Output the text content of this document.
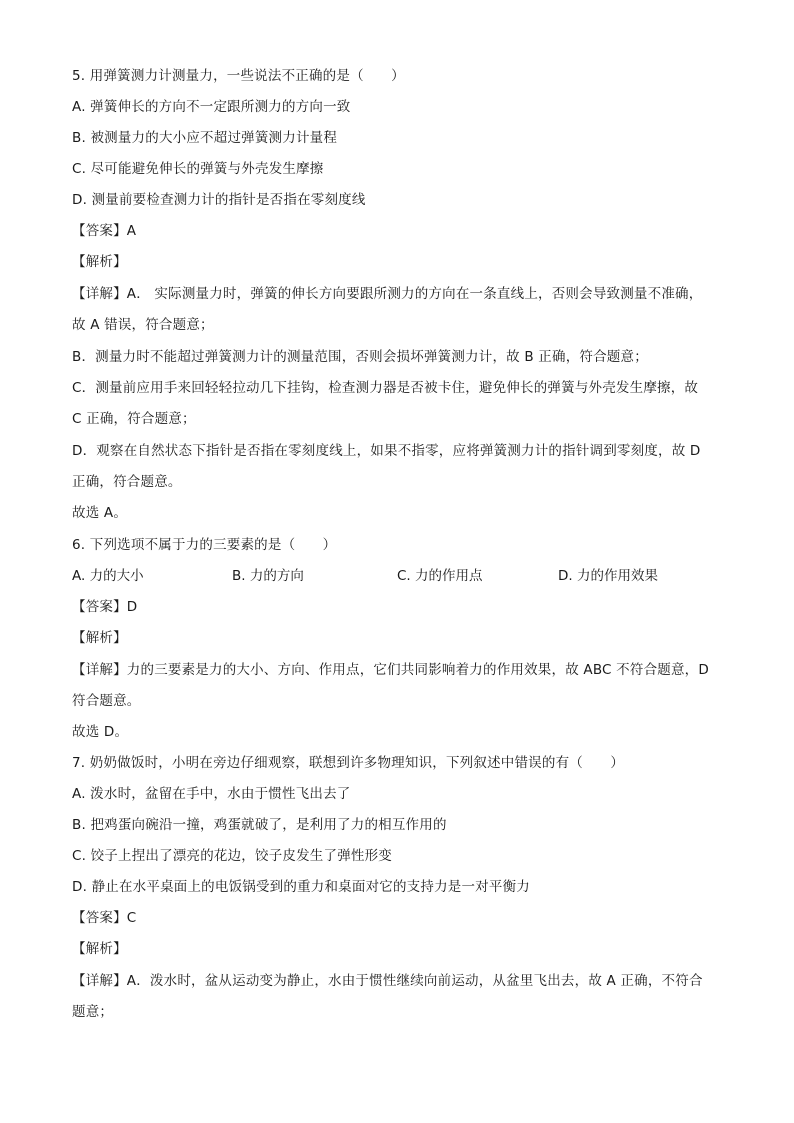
5. 用弹簧测力计测量力，一些说法不正确的是（　　）
A. 弹簧伸长的方向不一定跟所测力的方向一致
B. 被测量力的大小应不超过弹簧测力计量程
C. 尽可能避免伸长的弹簧与外壳发生摩擦
D. 测量前要检查测力计的指针是否指在零刻度线
【答案】A
【解析】
【详解】A． 实际测量力时，弹簧的伸长方向要跟所测力的方向在一条直线上，否则会导致测量不准确，
故 A 错误，符合题意；
B．测量力时不能超过弹簧测力计的测量范围，否则会损坏弹簧测力计，故 B 正确，符合题意；
C．测量前应用手来回轻轻拉动几下挂钩，检查测力器是否被卡住，避免伸长的弹簧与外壳发生摩擦，故
C 正确，符合题意；
D．观察在自然状态下指针是否指在零刻度线上，如果不指零，应将弹簧测力计的指针调到零刻度，故 D
正确，符合题意。
故选 A。
6. 下列选项不属于力的三要素的是（　　）
A. 力的大小	B. 力的方向	C. 力的作用点	D. 力的作用效果
【答案】D
【解析】
【详解】力的三要素是力的大小、方向、作用点，它们共同影响着力的作用效果，故 ABC 不符合题意，D
符合题意。
故选 D。
7. 奶奶做饭时，小明在旁边仔细观察，联想到许多物理知识，下列叙述中错误的有（　　）
A. 泼水时，盆留在手中，水由于惯性飞出去了
B. 把鸡蛋向碗沿一撞，鸡蛋就破了，是利用了力的相互作用的
C. 饺子上捏出了漂亮的花边，饺子皮发生了弹性形变
D. 静止在水平桌面上的电饭锅受到的重力和桌面对它的支持力是一对平衡力
【答案】C
【解析】
【详解】A．泼水时，盆从运动变为静止，水由于惯性继续向前运动，从盆里飞出去，故 A 正确，不符合
题意；
